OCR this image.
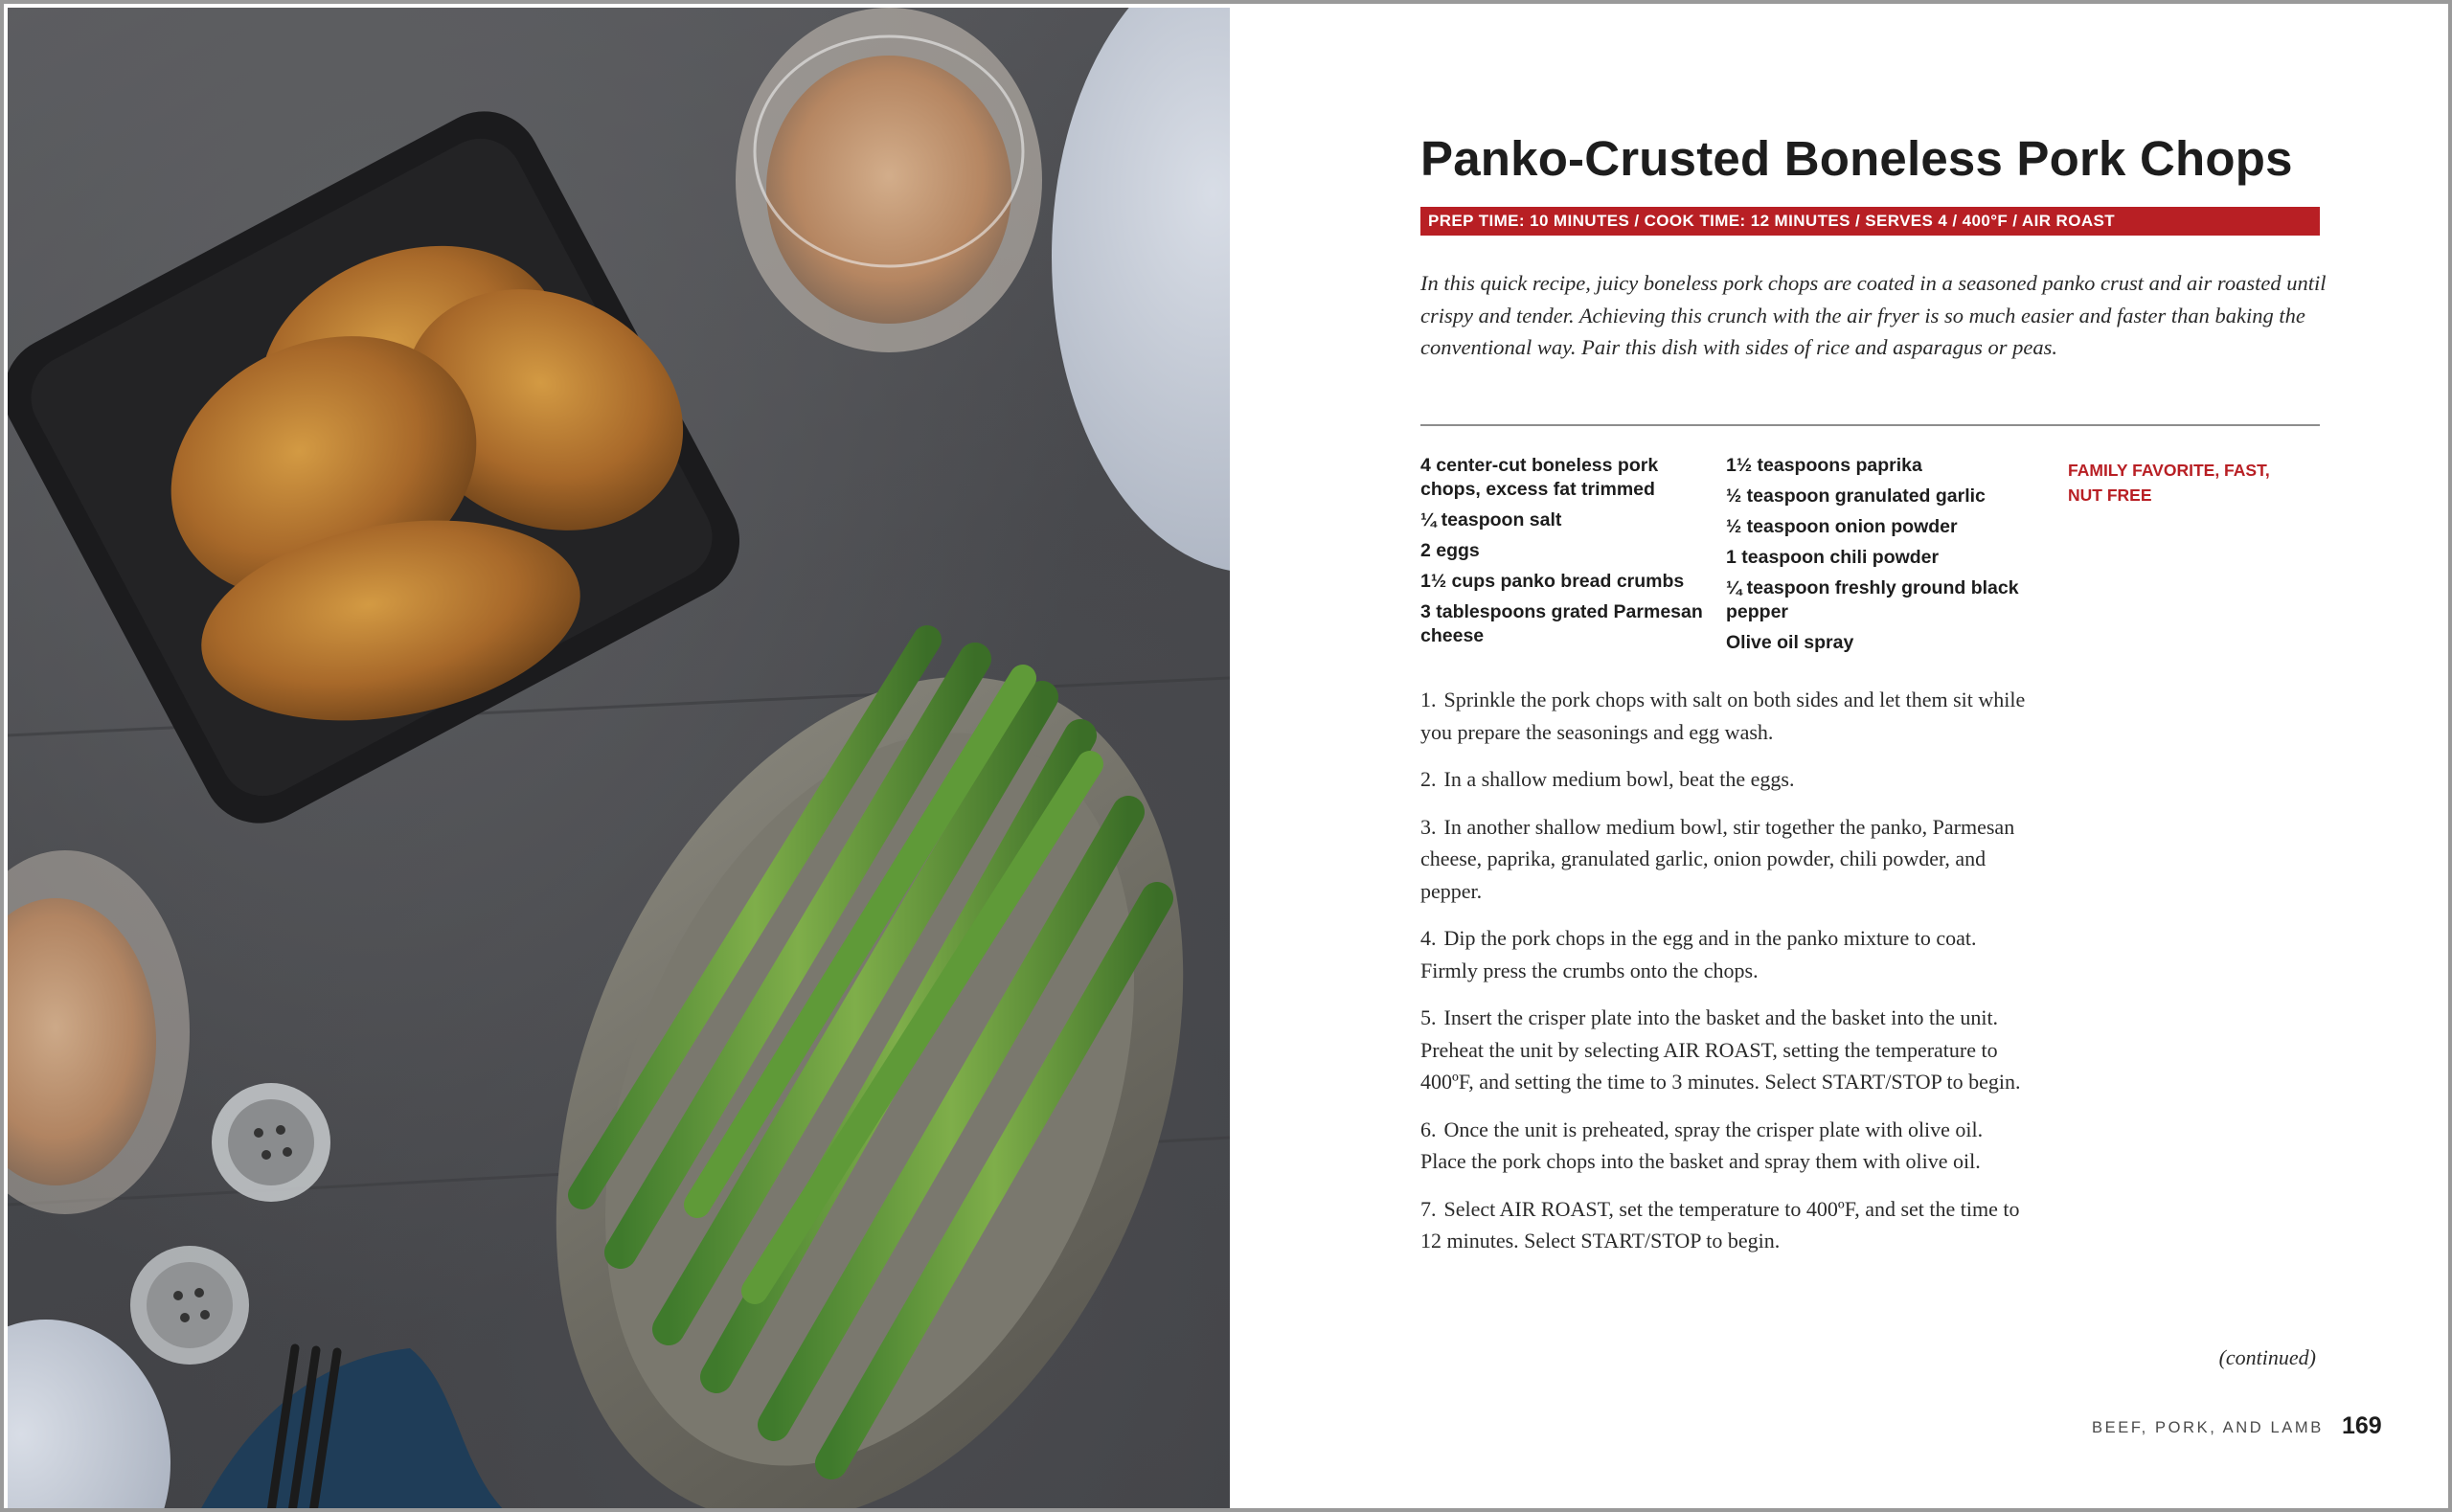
Panko-Crusted Boneless Pork Chops
PREP TIME: 10 MINUTES / COOK TIME: 12 MINUTES / SERVES 4 / 400°F / AIR ROAST

In this quick recipe, juicy boneless pork chops are coated in a seasoned panko crust and air roasted until crispy and tender. Achieving this crunch with the air fryer is so much easier and faster than baking the conventional way. Pair this dish with sides of rice and asparagus or peas.

4 center-cut boneless pork chops, excess fat trimmed
¼ teaspoon salt
2 eggs
1½ cups panko bread crumbs
3 tablespoons grated Parmesan cheese
1½ teaspoons paprika
½ teaspoon granulated garlic
½ teaspoon onion powder
1 teaspoon chili powder
¼ teaspoon freshly ground black pepper
Olive oil spray
FAMILY FAVORITE, FAST, NUT FREE
1. Sprinkle the pork chops with salt on both sides and let them sit while you prepare the seasonings and egg wash.
2. In a shallow medium bowl, beat the eggs.
3. In another shallow medium bowl, stir together the panko, Parmesan cheese, paprika, granulated garlic, onion powder, chili powder, and pepper.
4. Dip the pork chops in the egg and in the panko mixture to coat. Firmly press the crumbs onto the chops.
5. Insert the crisper plate into the basket and the basket into the unit. Preheat the unit by selecting AIR ROAST, setting the temperature to 400ºF, and setting the time to 3 minutes. Select START/STOP to begin.
6. Once the unit is preheated, spray the crisper plate with olive oil. Place the pork chops into the basket and spray them with olive oil.
7. Select AIR ROAST, set the temperature to 400ºF, and set the time to 12 minutes. Select START/STOP to begin.
(continued)
BEEF, PORK, AND LAMB 169
